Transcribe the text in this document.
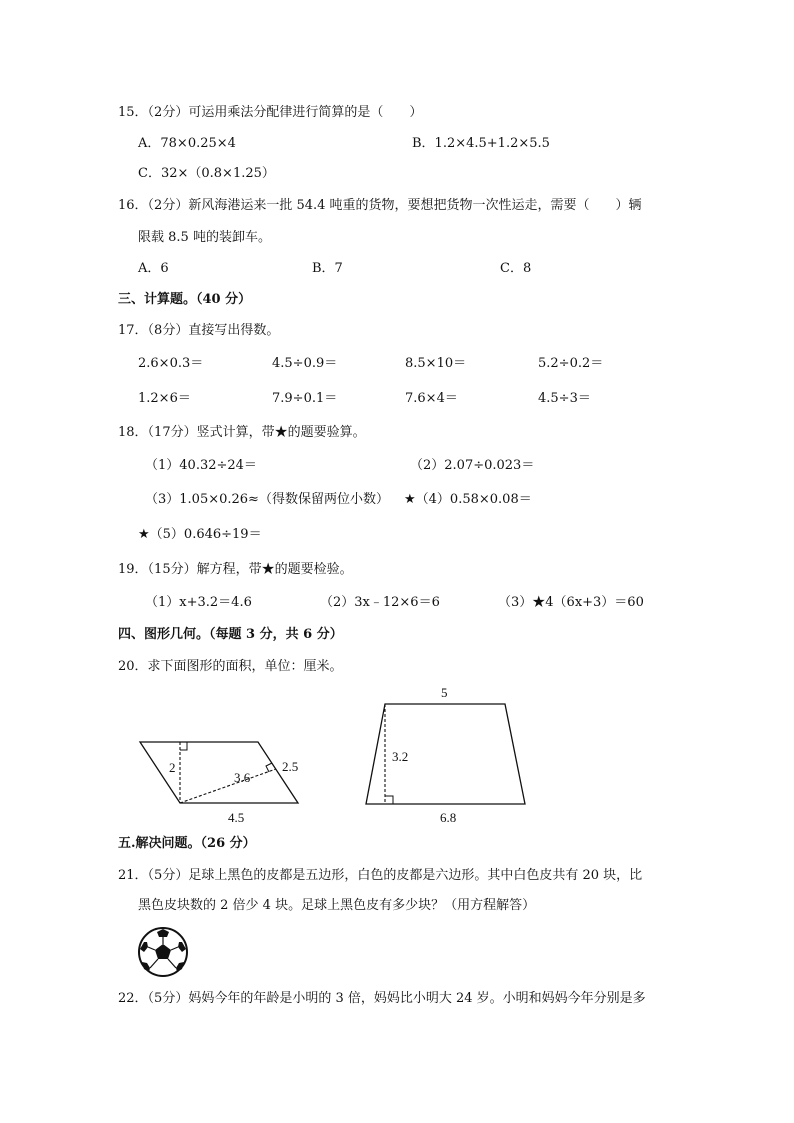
15．（2分）可运用乘法分配律进行简算的是（　　）
A．78×0.25×4	B．1.2×4.5+1.2×5.5
C．32×（0.8×1.25）
16．（2分）新风海港运来一批 54.4 吨重的货物，要想把货物一次性运走，需要（　　）辆
限载 8.5 吨的装卸车。
A．6	B．7	C．8
三、计算题。（40 分）
17．（8分）直接写出得数。
2.6×0.3＝	4.5÷0.9＝	8.5×10＝	5.2÷0.2＝
1.2×6＝	7.9÷0.1＝	7.6×4＝	4.5÷3＝
18．（17分）竖式计算，带★的题要验算。
（1）40.32÷24＝	（2）2.07÷0.023＝
（3）1.05×0.26≈（得数保留两位小数） ★（4）0.58×0.08＝
★（5）0.646÷19＝
19．（15分）解方程，带★的题要检验。
（1）x+3.2＝4.6	（2）3x﹣12×6＝6	（3）★4（6x+3）＝60
四、图形几何。（每题 3 分，共 6 分）
20．求下面图形的面积，单位：厘米。
2
3.6
2.5
4.5
5
3.2
6.8
五.解决问题。（26 分）
21．（5分）足球上黑色的皮都是五边形，白色的皮都是六边形。其中白色皮共有 20 块，比
黑色皮块数的 2 倍少 4 块。足球上黑色皮有多少块？（用方程解答）
22．（5分）妈妈今年的年龄是小明的 3 倍，妈妈比小明大 24 岁。小明和妈妈今年分别是多
